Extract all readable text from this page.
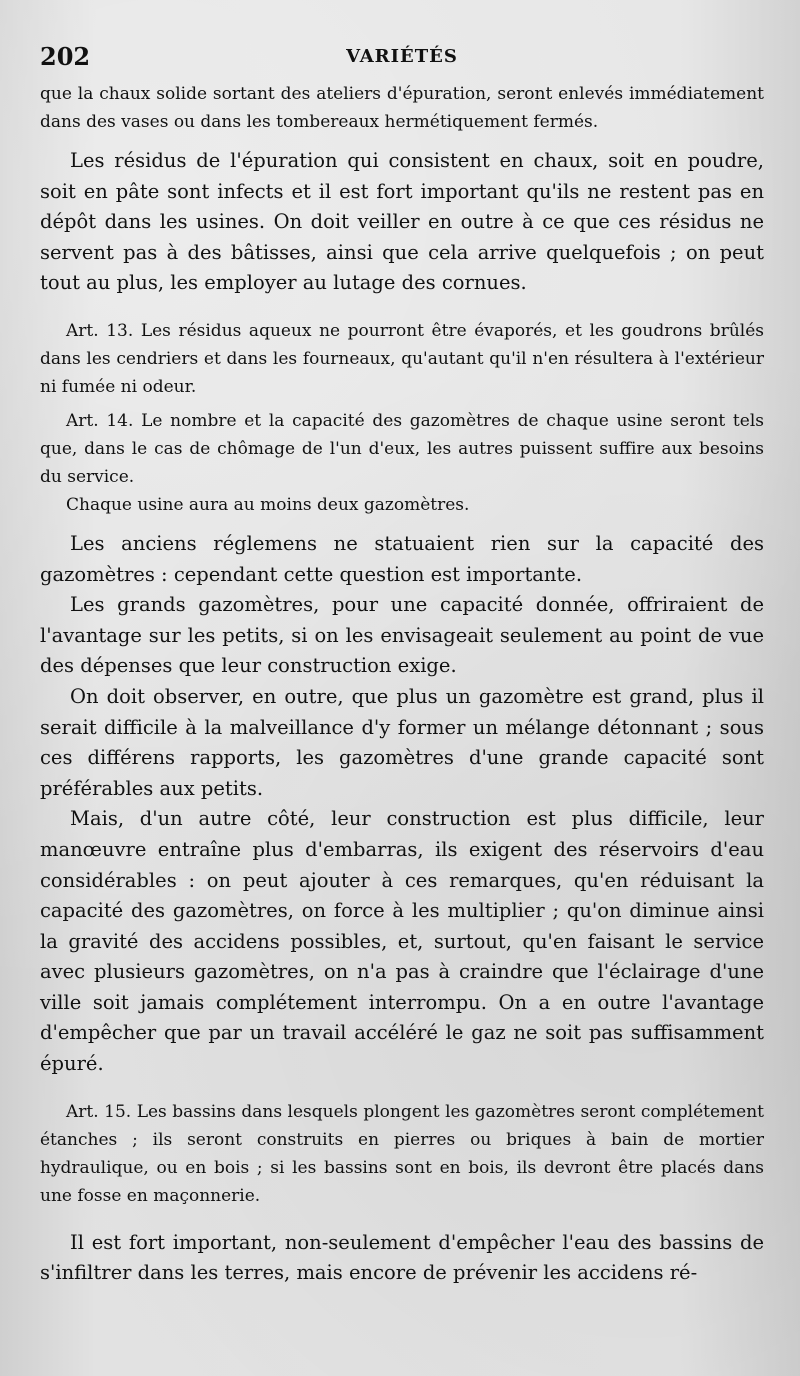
202	VARIÉTÉS

que la chaux solide sortant des ateliers d'épuration, seront enlevés immédiatement dans des vases ou dans les tombereaux hermétiquement fermés.

Les résidus de l'épuration qui consistent en chaux, soit en poudre, soit en pâte sont infects et il est fort important qu'ils ne restent pas en dépôt dans les usines. On doit veiller en outre à ce que ces résidus ne servent pas à des bâtisses, ainsi que cela arrive quelquefois ; on peut tout au plus, les employer au lutage des cornues.

Art. 13. Les résidus aqueux ne pourront être évaporés, et les goudrons brûlés dans les cendriers et dans les fourneaux, qu'autant qu'il n'en résultera à l'extérieur ni fumée ni odeur.

Art. 14. Le nombre et la capacité des gazomètres de chaque usine seront tels que, dans le cas de chômage de l'un d'eux, les autres puissent suffire aux besoins du service.

Chaque usine aura au moins deux gazomètres.

Les anciens réglemens ne statuaient rien sur la capacité des gazomètres : cependant cette question est importante.

Les grands gazomètres, pour une capacité donnée, offriraient de l'avantage sur les petits, si on les envisageait seulement au point de vue des dépenses que leur construction exige.

On doit observer, en outre, que plus un gazomètre est grand, plus il serait difficile à la malveillance d'y former un mélange détonnant ; sous ces différens rapports, les gazomètres d'une grande capacité sont préférables aux petits.

Mais, d'un autre côté, leur construction est plus difficile, leur manœuvre entraîne plus d'embarras, ils exigent des réservoirs d'eau considérables : on peut ajouter à ces remarques, qu'en réduisant la capacité des gazomètres, on force à les multiplier ; qu'on diminue ainsi la gravité des accidens possibles, et, surtout, qu'en faisant le service avec plusieurs gazomètres, on n'a pas à craindre que l'éclairage d'une ville soit jamais complétement interrompu. On a en outre l'avantage d'empêcher que par un travail accéléré le gaz ne soit pas suffisamment épuré.

Art. 15. Les bassins dans lesquels plongent les gazomètres seront complétement étanches ; ils seront construits en pierres ou briques à bain de mortier hydraulique, ou en bois ; si les bassins sont en bois, ils devront être placés dans une fosse en maçonnerie.

Il est fort important, non-seulement d'empêcher l'eau des bassins de s'infiltrer dans les terres, mais encore de prévenir les accidens ré-
